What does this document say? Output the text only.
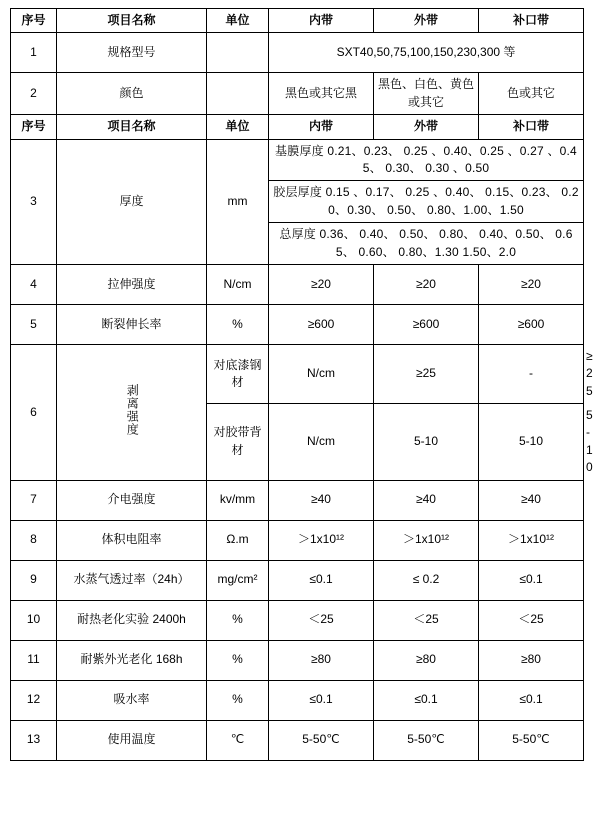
序号	项目名称	单位	内带	外带	补口带	
1	规格型号		SXT40,50,75,100,150,230,300 等			
2	颜色		黑色或其它黑	黑色、白色、黄色或其它	色或其它	
序号	项目名称	单位	内带	外带	补口带	
3	厚度	mm	基膜厚度 0.21、0.23、 0.25 、0.40、0.25 、0.27 、0.45、 0.30、 0.30 、0.50			
			胶层厚度 0.15 、0.17、 0.25 、0.40、 0.15、0.23、 0.20、0.30、 0.50、 0.80、1.00、1.50			
			总厚度 0.36、 0.40、 0.50、 0.80、 0.40、0.50、 0.65、 0.60、 0.80、1.30 1.50、2.0			
4	拉伸强度	N/cm	≥20	≥20	≥20	
5	断裂伸长率	%	≥600	≥600	≥600	
6	剥离强度	对底漆钢材	N/cm	≥25	-	≥25
		对胶带背材	N/cm	5-10	5-10	5-10
7	介电强度	kv/mm	≥40	≥40	≥40	
8	体积电阻率	Ω.m	＞1x10¹²	＞1x10¹²	＞1x10¹²	
9	水蒸气透过率（24h）	mg/cm²	≤0.1	≤ 0.2	≤0.1	
10	耐热老化实验 2400h	%	＜25	＜25	＜25	
11	耐紫外光老化 168h	%	≥80	≥80	≥80	
12	吸水率	%	≤0.1	≤0.1	≤0.1	
13	使用温度	℃	5-50℃	5-50℃	5-50℃	
